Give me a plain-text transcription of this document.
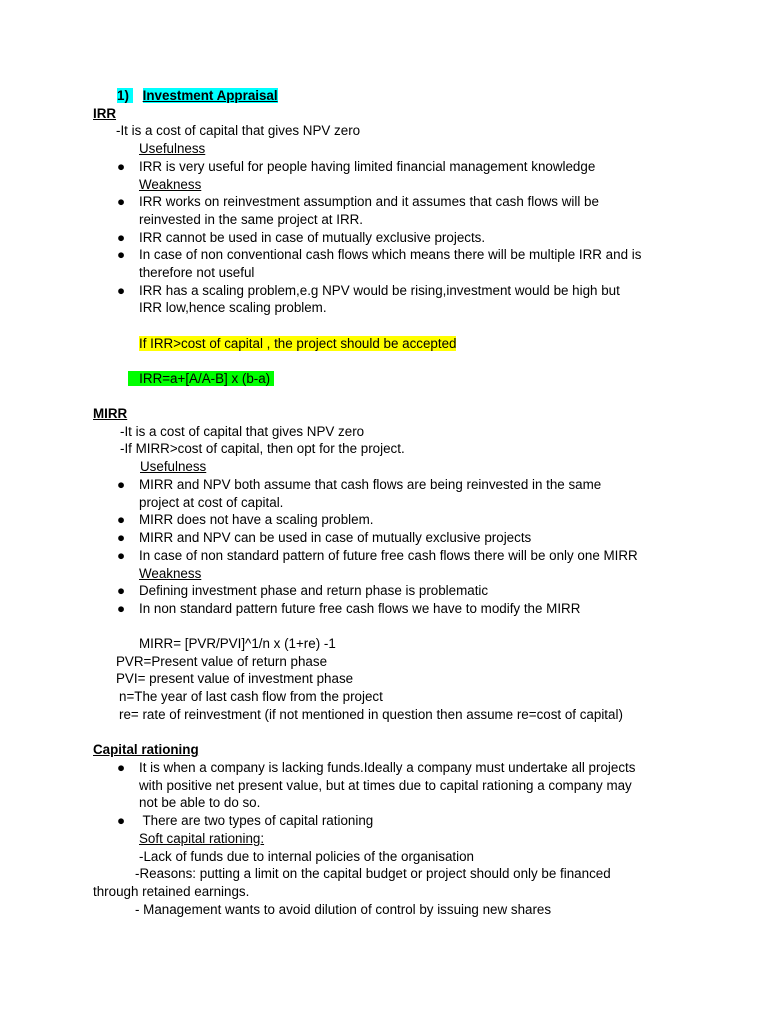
1) Investment Appraisal
IRR
-It is a cost of capital that gives NPV zero
Usefulness
● IRR is very useful for people having limited financial management knowledge
Weakness
● IRR works on reinvestment assumption and it assumes that cash flows will be
reinvested in the same project at IRR.
● IRR cannot be used in case of mutually exclusive projects.
● In case of non conventional cash flows which means there will be multiple IRR and is
therefore not useful
● IRR has a scaling problem,e.g NPV would be rising,investment would be high but
IRR low,hence scaling problem.
If IRR>cost of capital , the project should be accepted
IRR=a+[A/A-B] x (b-a)
MIRR
-It is a cost of capital that gives NPV zero
-If MIRR>cost of capital, then opt for the project.
Usefulness
● MIRR and NPV both assume that cash flows are being reinvested in the same
project at cost of capital.
● MIRR does not have a scaling problem.
● MIRR and NPV can be used in case of mutually exclusive projects
● In case of non standard pattern of future free cash flows there will be only one MIRR
Weakness
● Defining investment phase and return phase is problematic
● In non standard pattern future free cash flows we have to modify the MIRR
MIRR= [PVR/PVI]^1/n x (1+re) -1
PVR=Present value of return phase
PVI= present value of investment phase
n=The year of last cash flow from the project
re= rate of reinvestment (if not mentioned in question then assume re=cost of capital)
Capital rationing
● It is when a company is lacking funds.Ideally a company must undertake all projects
with positive net present value, but at times due to capital rationing a company may
not be able to do so.
● There are two types of capital rationing
Soft capital rationing:
-Lack of funds due to internal policies of the organisation
-Reasons: putting a limit on the capital budget or project should only be financed
through retained earnings.
- Management wants to avoid dilution of control by issuing new shares
